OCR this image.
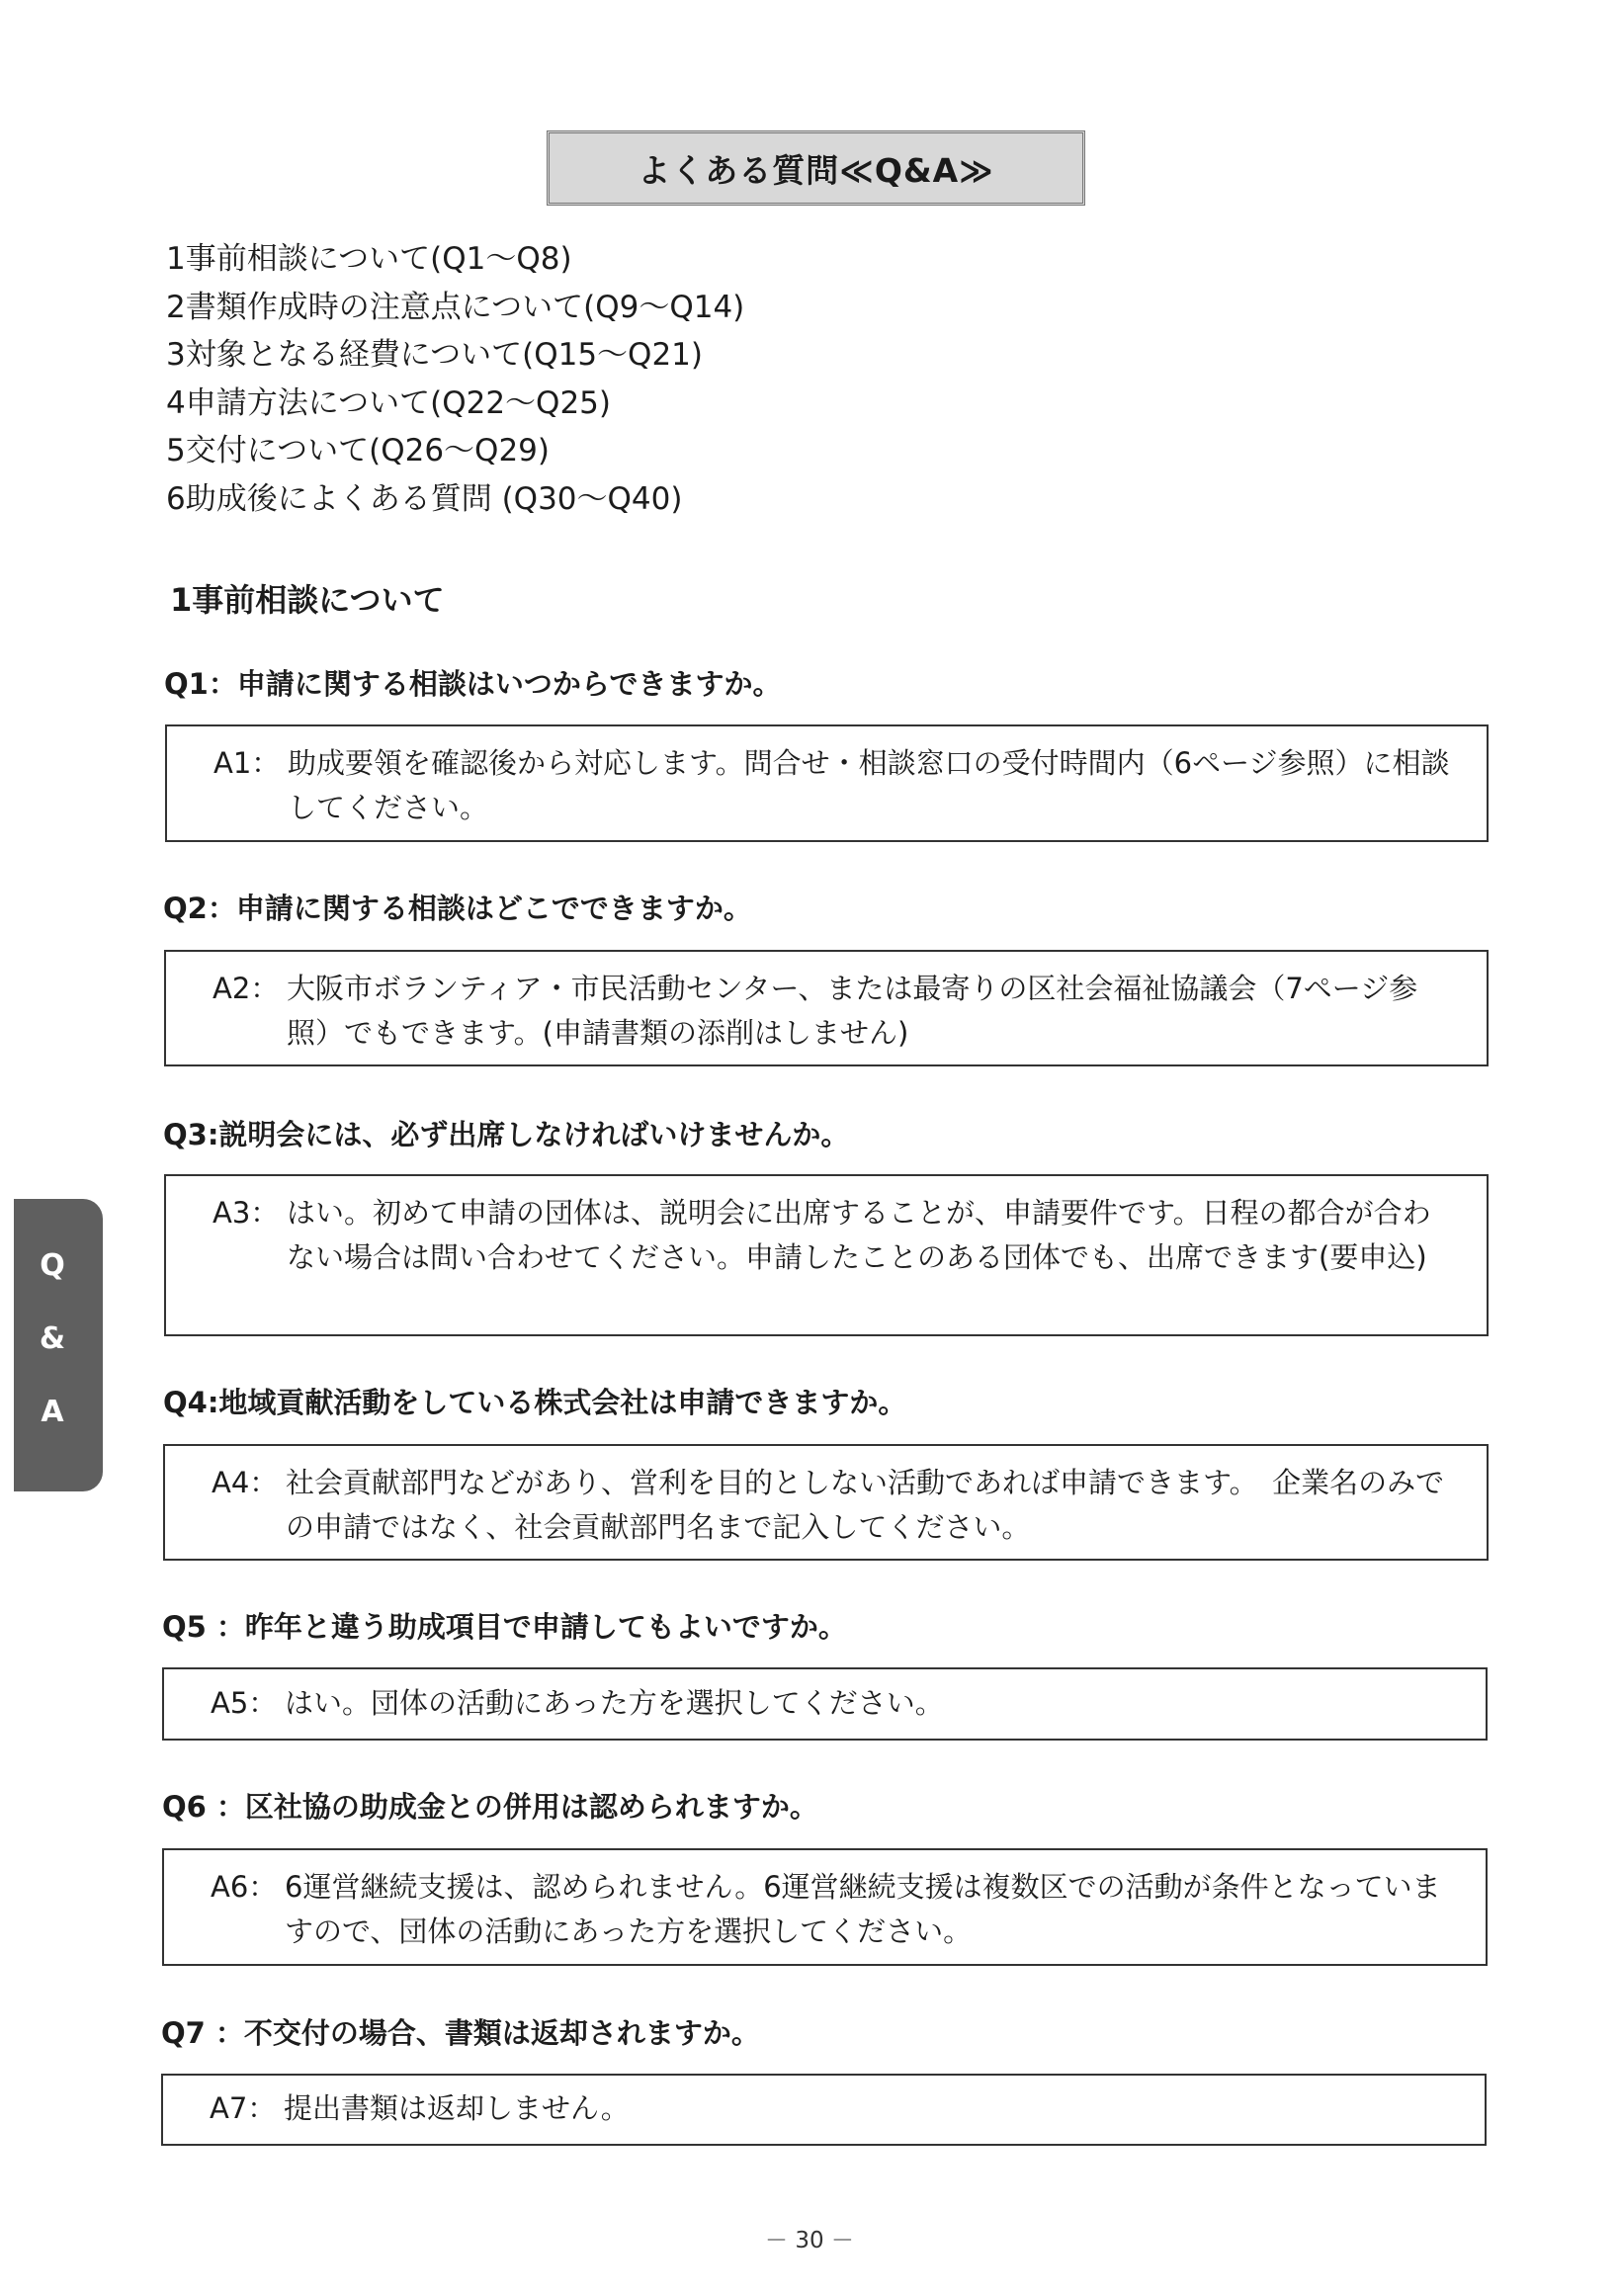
よくある質問≪Q&A≫
1事前相談について(Q1〜Q8)
2書類作成時の注意点について(Q9〜Q14)
3対象となる経費について(Q15〜Q21)
4申請方法について(Q22〜Q25)
5交付について(Q26〜Q29)
6助成後によくある質問 (Q30〜Q40)
1事前相談について
Q1：申請に関する相談はいつからできますか。
A1： 助成要領を確認後から対応します。問合せ・相談窓口の受付時間内（6ページ参照）に相談してください。
Q2：申請に関する相談はどこでできますか。
A2： 大阪市ボランティア・市民活動センター、または最寄りの区社会福祉協議会（7ページ参照）でもできます。(申請書類の添削はしません)
Q3:説明会には、必ず出席しなければいけませんか。
A3： はい。初めて申請の団体は、説明会に出席することが、申請要件です。日程の都合が合わない場合は問い合わせてください。申請したことのある団体でも、出席できます(要申込)
Q4:地域貢献活動をしている株式会社は申請できますか。
A4： 社会貢献部門などがあり、営利を目的としない活動であれば申請できます。　企業名のみでの申請ではなく、社会貢献部門名まで記入してください。
Q5 ：昨年と違う助成項目で申請してもよいですか。
A5： はい。団体の活動にあった方を選択してください。
Q6 ：区社協の助成金との併用は認められますか。
A6： 6運営継続支援は、認められません。6運営継続支援は複数区での活動が条件となっていますので、団体の活動にあった方を選択してください。
Q7 ：不交付の場合、書類は返却されますか。
A7： 提出書類は返却しません。
Q
&
A
－ 30 －
